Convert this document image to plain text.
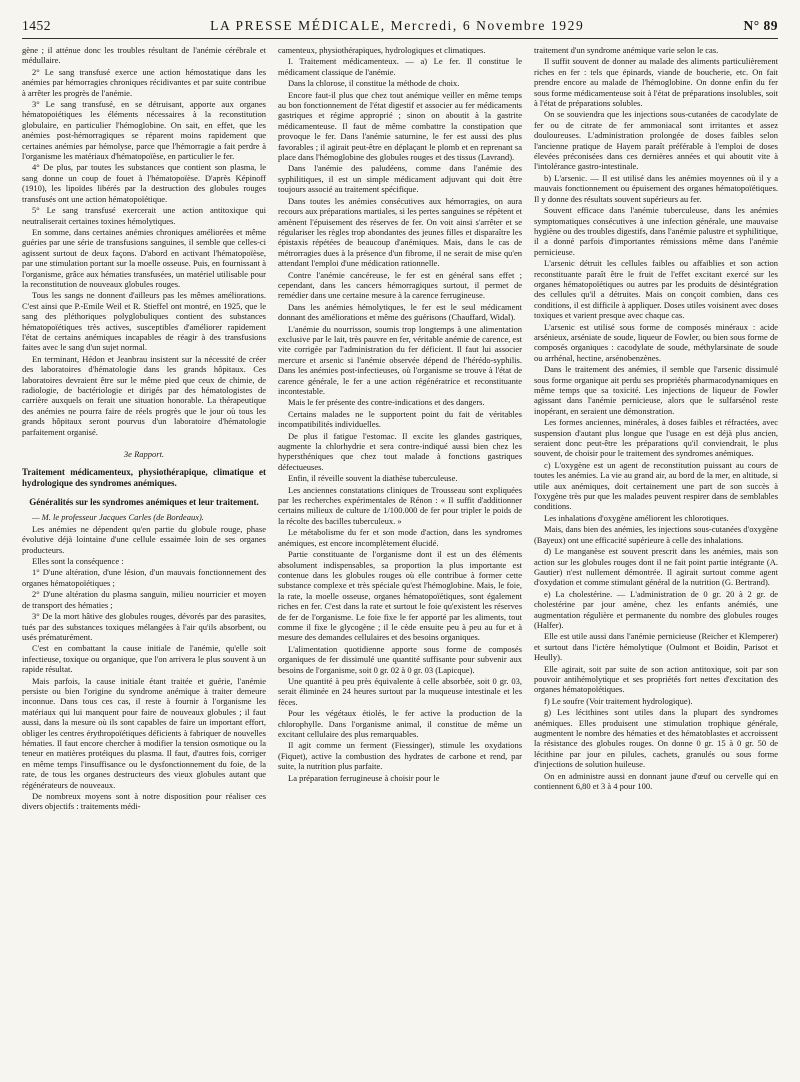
1452	LA PRESSE MÉDICALE, Mercredi, 6 Novembre 1929	N° 89

gène ; il atténue donc les troubles résultant de l'anémie cérébrale et médullaire.

2° Le sang transfusé exerce une action hémostatique dans les anémies par hémorragies chroniques récidivantes et par suite contribue à arrêter les progrès de l'anémie.

3° Le sang transfusé, en se détruisant, apporte aux organes hématopoiétiques les éléments nécessaires à la reconstitution globulaire, en particulier l'hémoglobine. On sait, en effet, que les anémies post-hémorragiques se réparent moins rapidement que certaines anémies par hémolyse, parce que l'hémorragie a fait perdre à l'organisme les matériaux d'hématopoïèse, en particulier le fer.

4° De plus, par toutes les substances que contient son plasma, le sang donne un coup de fouet à l'hématopoïèse. D'après Képinoff (1910), les lipoïdes libérés par la destruction des globules rouges transfusés ont une action hématopoïétique.

5° Le sang transfusé exercerait une action antitoxique qui neutraliserait certaines toxines hémolytiques.

En somme, dans certaines anémies chroniques améliorées et même guéries par une série de transfusions sanguines, il semble que celles-ci agissent surtout de deux façons. D'abord en activant l'hématopoïèse, par une stimulation portant sur la moelle osseuse. Puis, en fournissant à l'organisme, grâce aux hématies transfusées, un matériel utilisable pour la reconstitution de nouveaux globules rouges.

Tous les sangs ne donnent d'ailleurs pas les mêmes améliorations. C'est ainsi que P.-Emile Weil et R. Stieffel ont montré, en 1925, que le sang des pléthoriques polyglobuliques contient des substances hématopoïétiques très actives, susceptibles d'améliorer rapidement l'état de certains anémiques incapables de réagir à des transfusions faites avec le sang d'un sujet normal.

En terminant, Hédon et Jeanbrau insistent sur la nécessité de créer des laboratoires d'hématologie dans les grands hôpitaux. Ces laboratoires devraient être sur le même pied que ceux de chimie, de radiologie, de bactériologie et dirigés par des hématologistes de carrière auxquels on ferait une situation honorable. La thérapeutique des anémies ne pourra faire de réels progrès que le jour où tous les grands hôpitaux seront pourvus d'un laboratoire d'hématologie parfaitement organisé.

3e Rapport.

Traitement médicamenteux, physiothérapique, climatique et hydrologique des syndromes anémiques.

Généralités sur les syndromes anémiques et leur traitement.

— M. le professeur Jacques Carles (de Bordeaux).

Les anémies ne dépendent qu'en partie du globule rouge, phase évolutive déjà lointaine d'une cellule essaimée loin de ses organes producteurs.

Elles sont la conséquence :

1° D'une altération, d'une lésion, d'un mauvais fonctionnement des organes hématopoïétiques ;

2° D'une altération du plasma sanguin, milieu nourricier et moyen de transport des hématies ;

3° De la mort hâtive des globules rouges, dévorés par des parasites, tués par des substances toxiques mélangées à l'air qu'ils absorbent, ou usés prématurément.

C'est en combattant la cause initiale de l'anémie, qu'elle soit infectieuse, toxique ou organique, que l'on arrivera le plus souvent à un rapide résultat.

Mais parfois, la cause initiale étant traitée et guérie, l'anémie persiste ou bien l'origine du syndrome anémique à traiter demeure inconnue. Dans tous ces cas, il reste à fournir à l'organisme les matériaux qui lui manquent pour faire de nouveaux globules ; il faut aussi, dans la mesure où ils sont capables de faire un important effort, obliger les centres érythropoïétiques déficients à fabriquer de nouvelles hématies. Il faut encore chercher à modifier la tension osmotique ou la teneur en matières protéiques du plasma. Il faut, d'autres fois, corriger en même temps l'insuffisance ou le dysfonctionnement du foie, de la rate, de tous les organes destructeurs des vieux globules autant que régénérateurs de nouveaux.

De nombreux moyens sont à notre disposition pour réaliser ces divers objectifs : traitements médi-

camenteux, physiothérapiques, hydrologiques et climatiques.

I. Traitement médicamenteux. — a) Le fer. Il constitue le médicament classique de l'anémie.

Dans la chlorose, il constitue la méthode de choix.

Encore faut-il plus que chez tout anémique veiller en même temps au bon fonctionnement de l'état digestif et associer au fer médicaments gastriques et régime approprié ; sinon on aboutit à la gastrite médicamenteuse. Il faut de même combattre la constipation que provoque le fer. Dans l'anémie saturnine, le fer est aussi des plus favorables ; il agirait peut-être en déplaçant le plomb et en reprenant sa place dans l'hémoglobine des globules rouges et des tissus (Lavrand).

Dans l'anémie des paludéens, comme dans l'anémie des syphilitiques, il est un simple médicament adjuvant qui doit être toujours associé au traitement spécifique.

Dans toutes les anémies consécutives aux hémorragies, on aura recours aux préparations martiales, si les pertes sanguines se répètent et amènent l'épuisement des réserves de fer. On voit ainsi s'arrêter et se régulariser les règles trop abondantes des jeunes filles et disparaître les épistaxis répétées de beaucoup d'anémiques. Mais, dans le cas de métrorragies dues à la présence d'un fibrome, il ne serait de mise qu'en attendant l'emploi d'une médication rationnelle.

Contre l'anémie cancéreuse, le fer est en général sans effet ; cependant, dans les cancers hémorragiques surtout, il permet de remédier dans une certaine mesure à la carence ferrugineuse.

Dans les anémies hémolytiques, le fer est le seul médicament donnant des améliorations et même des guérisons (Chauffard, Widal).

L'anémie du nourrisson, soumis trop longtemps à une alimentation exclusive par le lait, très pauvre en fer, véritable anémie de carence, est vite corrigée par l'administration du fer déficient. Il faut lui associer mercure et arsenic si l'anémie observée dépend de l'hérédo-syphilis. Dans les anémies post-infectieuses, où l'organisme se trouve à l'état de carence générale, le fer a une action régénératrice et reconstituante incontestable.

Mais le fer présente des contre-indications et des dangers.

Certains malades ne le supportent point du fait de véritables incompatibilités individuelles.

De plus il fatigue l'estomac. Il excite les glandes gastriques, augmente la chlorhydrie et sera contre-indiqué aussi bien chez les hypersthéniques que chez tout malade à fonctions gastriques défectueuses.

Enfin, il réveille souvent la diathèse tuberculeuse.

Les anciennes constatations cliniques de Trousseau sont expliquées par les recherches expérimentales de Rénon : « Il suffit d'additionner certains milieux de culture de 1/100.000 de fer pour tripler le poids de la récolte des bacilles tuberculeux. »

Le métabolisme du fer et son mode d'action, dans les syndromes anémiques, est encore incomplètement élucidé.

Partie constituante de l'organisme dont il est un des éléments absolument indispensables, sa proportion la plus importante est contenue dans les globules rouges où elle contribue à former cette substance complexe et très spéciale qu'est l'hémoglobine. Mais, le foie, la rate, la moelle osseuse, organes hématopoïétiques, sont également riches en fer. C'est dans la rate et surtout le foie qu'existent les réserves de fer de l'organisme. Le foie fixe le fer apporté par les aliments, tout comme il fixe le glycogène ; il le cède ensuite peu à peu au fur et à mesure des demandes cellulaires et des besoins organiques.

L'alimentation quotidienne apporte sous forme de composés organiques de fer dissimulé une quantité suffisante pour subvenir aux besoins de l'organisme, soit 0 gr. 02 à 0 gr. 03 (Lapicque).

Une quantité à peu près équivalente à celle absorbée, soit 0 gr. 03, serait éliminée en 24 heures surtout par la muqueuse intestinale et les fèces.

Pour les végétaux étiolés, le fer active la production de la chlorophylle. Dans l'organisme animal, il constitue de même un excitant cellulaire des plus remarquables.

Il agit comme un ferment (Fiessinger), stimule les oxydations (Fiquet), active la combustion des hydrates de carbone et rend, par suite, la nutrition plus parfaite.

La préparation ferrugineuse à choisir pour le

traitement d'un syndrome anémique varie selon le cas.

Il suffit souvent de donner au malade des aliments particulièrement riches en fer : tels que épinards, viande de boucherie, etc. On fait prendre encore au malade de l'hémoglobine. On donne enfin du fer sous forme médicamenteuse soit à l'état de préparations insolubles, soit à l'état de préparations solubles.

On se souviendra que les injections sous-cutanées de cacodylate de fer ou de citrate de fer ammoniacal sont irritantes et assez douloureuses. L'administration prolongée de doses faibles selon l'ancienne pratique de Hayem paraît préférable à l'emploi de doses élevées préconisées dans ces dernières années et qui aboutit vite à l'intolérance gastro-intestinale.

b) L'arsenic. — Il est utilisé dans les anémies moyennes où il y a mauvais fonctionnement ou épuisement des organes hématopoïétiques. Il y donne des résultats souvent supérieurs au fer.

Souvent efficace dans l'anémie tuberculeuse, dans les anémies symptomatiques consécutives à une infection générale, une mauvaise hygiène ou des troubles digestifs, dans l'anémie palustre et syphilitique, il a donné parfois d'importantes rémissions même dans l'anémie pernicieuse.

L'arsenic détruit les cellules faibles ou affaiblies et son action reconstituante paraît être le fruit de l'effet excitant exercé sur les organes hématopoïétiques ou autres par les produits de désintégration des cellules qu'il a détruites. Mais on conçoit combien, dans ces conditions, il est difficile à appliquer. Doses utiles voisinent avec doses toxiques et varient presque avec chaque cas.

L'arsenic est utilisé sous forme de composés minéraux : acide arsénieux, arséniate de soude, liqueur de Fowler, ou bien sous forme de composés organiques : cacodylate de soude, méthylarsinate de soude ou arrhénal, hectine, arsénobenzènes.

Dans le traitement des anémies, il semble que l'arsenic dissimulé sous forme organique ait perdu ses propriétés pharmacodynamiques en même temps que sa toxicité. Les injections de liqueur de Fowler agissant dans l'anémie pernicieuse, alors que le sulfarsénol reste inopérant, en seraient une démonstration.

Les formes anciennes, minérales, à doses faibles et réfractées, avec suspension d'autant plus longue que l'usage en est déjà plus ancien, seraient donc peut-être les préparations qu'il conviendrait, le plus souvent, de choisir pour le traitement des syndromes anémiques.

c) L'oxygène est un agent de reconstitution puissant au cours de toutes les anémies. La vie au grand air, au bord de la mer, en altitude, si utile aux anémiques, doit certainement une part de son succès à l'oxygène très pur que les malades peuvent respirer dans de semblables conditions.

Les inhalations d'oxygène améliorent les chlorotiques.

Mais, dans bien des anémies, les injections sous-cutanées d'oxygène (Bayeux) ont une efficacité supérieure à celle des inhalations.

d) Le manganèse est souvent prescrit dans les anémies, mais son action sur les globules rouges dont il ne fait point partie intégrante (A. Gautier) n'est nullement démontrée. Il agirait surtout comme agent d'oxydation et comme stimulant général de la nutrition (G. Bertrand).

e) La cholestérine. — L'administration de 0 gr. 20 à 2 gr. de cholestérine par jour amène, chez les enfants anémiés, une augmentation régulière et permanente du nombre des globules rouges (Halfer).

Elle est utile aussi dans l'anémie pernicieuse (Reicher et Klemperer) et surtout dans l'ictère hémolytique (Oulmont et Boidin, Parisot et Heully).

Elle agirait, soit par suite de son action antitoxique, soit par son pouvoir antihémolytique et ses propriétés fort nettes d'excitation des organes hématopoïétiques.

f) Le soufre (Voir traitement hydrologique).

g) Les lécithines sont utiles dans la plupart des syndromes anémiques. Elles produisent une stimulation trophique générale, augmentent le nombre des hématies et des hématoblastes et accroissent la résistance des globules rouges. On donne 0 gr. 15 à 0 gr. 50 de lécithine par jour en pilules, cachets, granulés ou sous forme d'injections de solution huileuse.

On en administre aussi en donnant jaune d'œuf ou cervelle qui en contiennent 6,80 et 3 à 4 pour 100.
